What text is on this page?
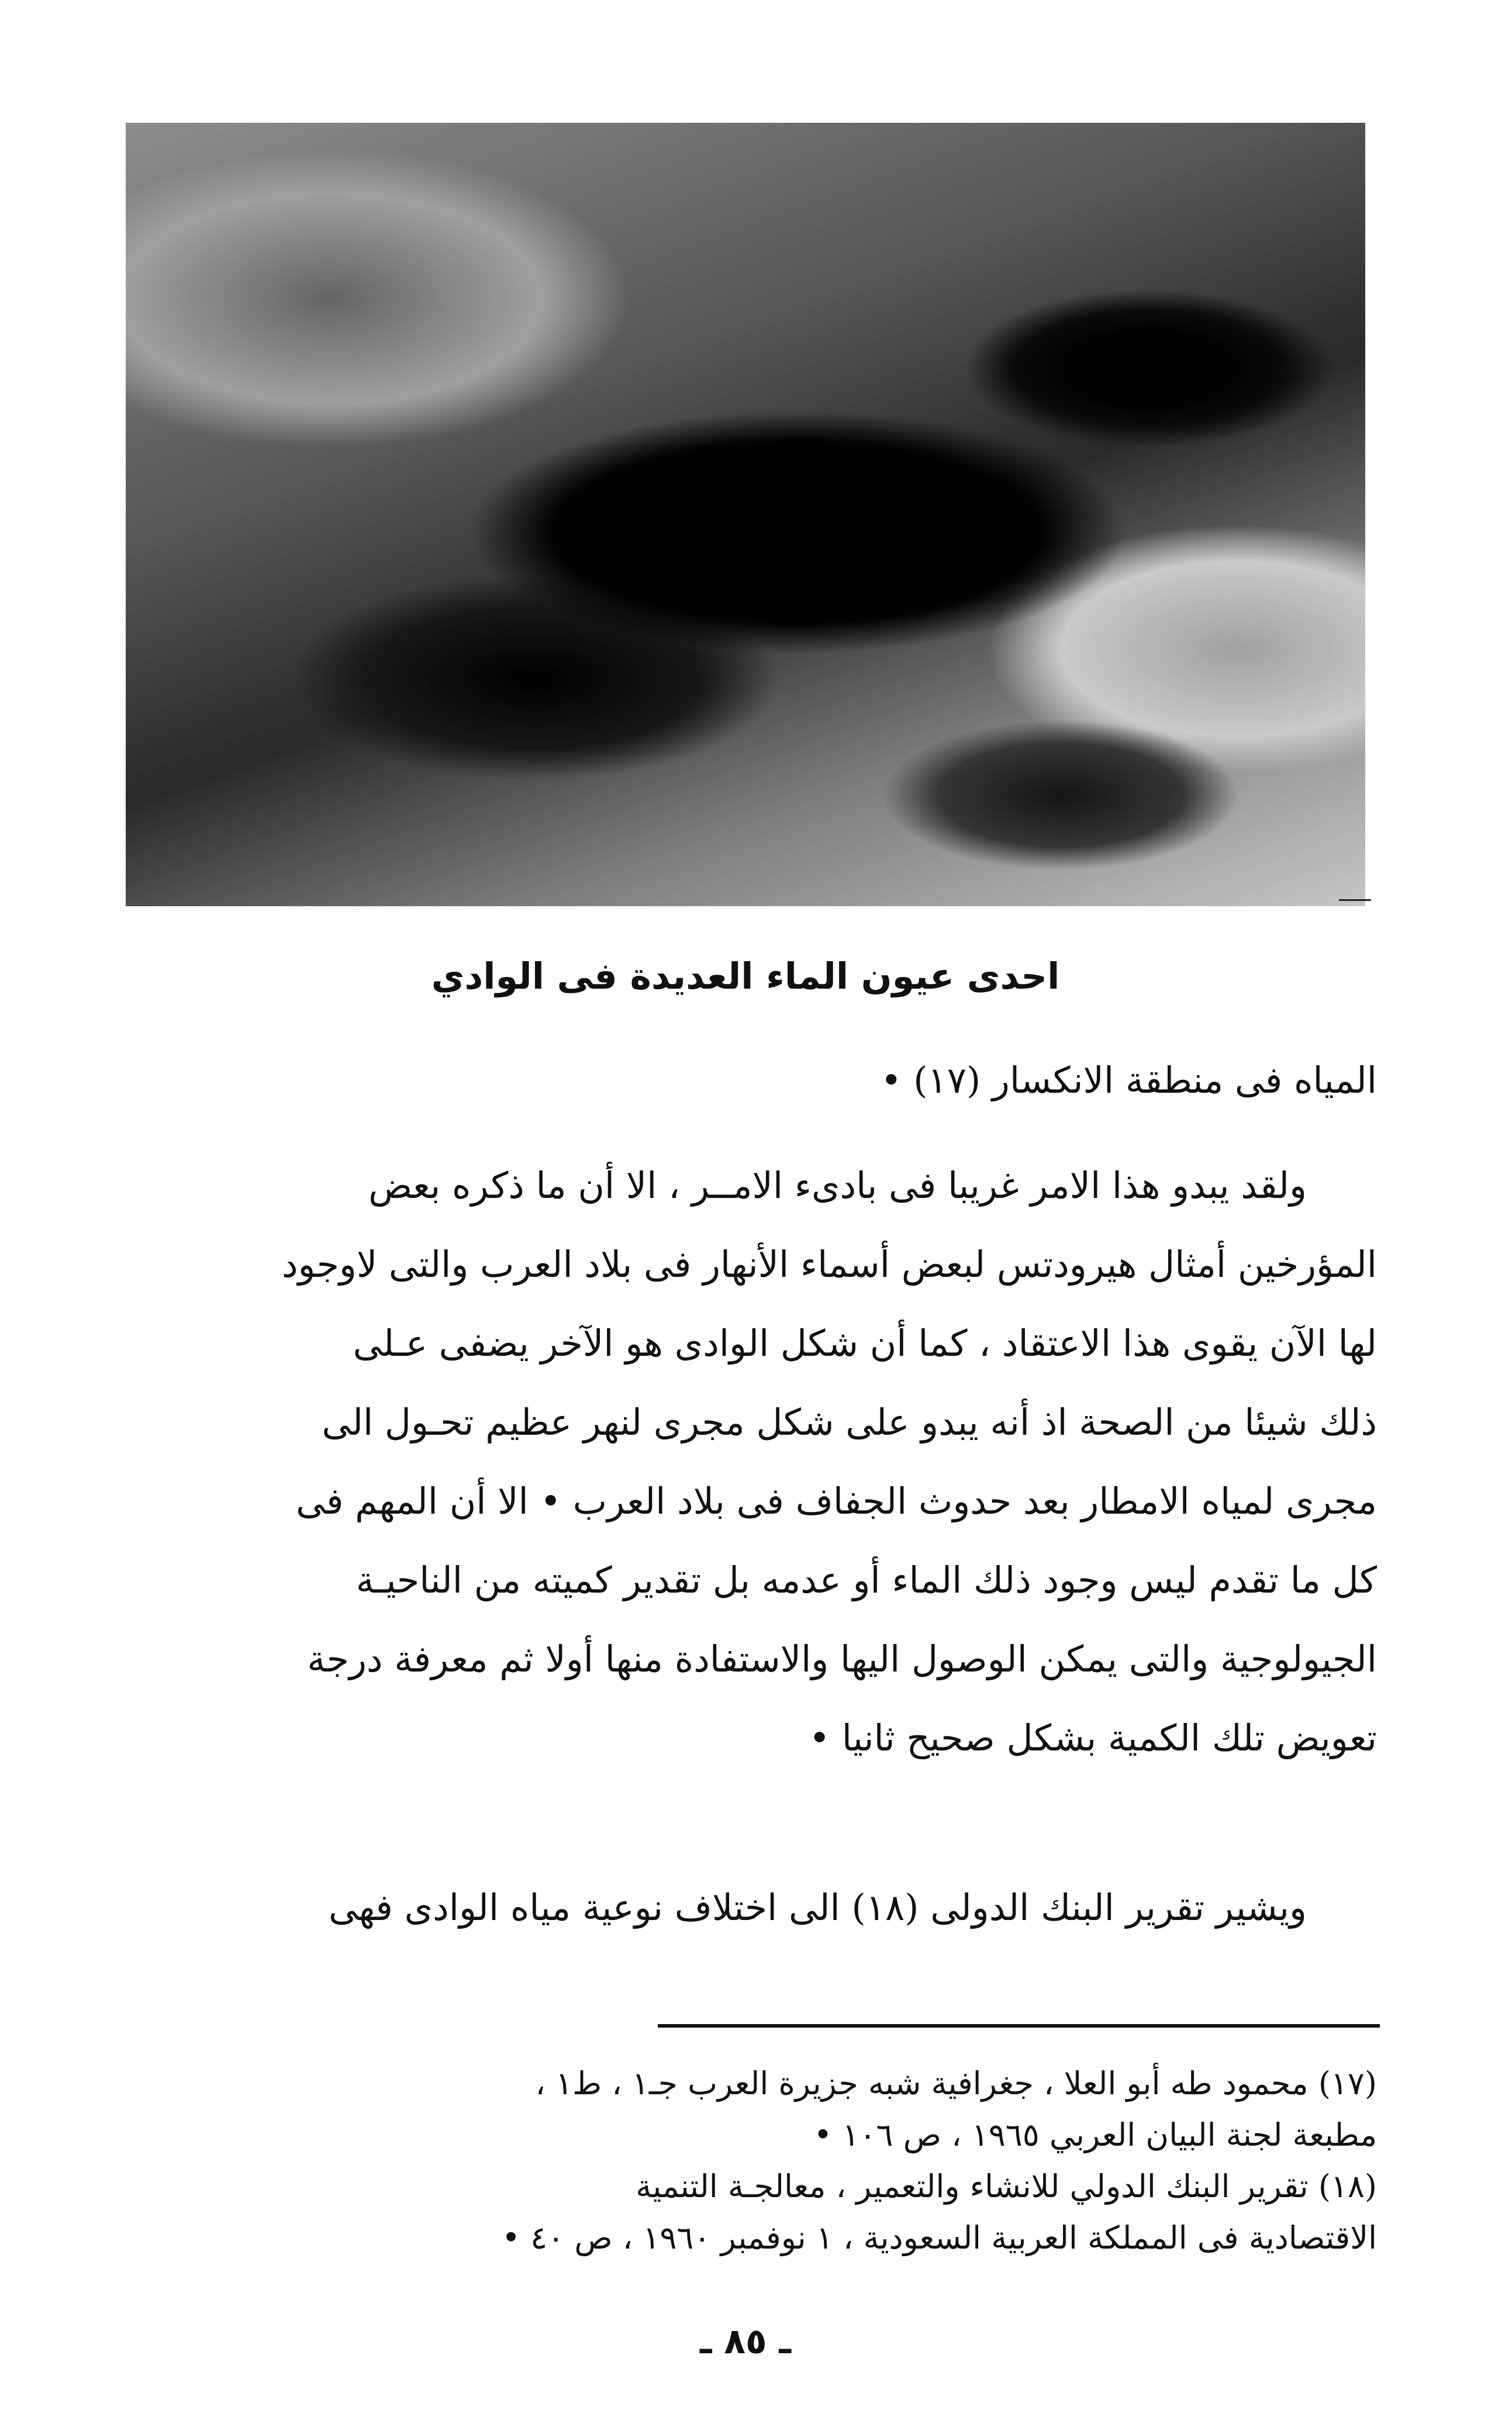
احدى عيون الماء العديدة فى الوادي
المياه فى منطقة الانكسار (١٧) •
ولقد يبدو هذا الامر غريبا فى بادىء الامــر ، الا أن ما ذكره بعض
المؤرخين أمثال هيرودتس لبعض أسماء الأنهار فى بلاد العرب والتى لاوجود
لها الآن يقوى هذا الاعتقاد ، كما أن شكل الوادى هو الآخر يضفى عـلى
ذلك شيئا من الصحة اذ أنه يبدو على شكل مجرى لنهر عظيم تحـول الى
مجرى لمياه الامطار بعد حدوث الجفاف فى بلاد العرب • الا أن المهم فى
كل ما تقدم ليس وجود ذلك الماء أو عدمه بل تقدير كميته من الناحيـة
الجيولوجية والتى يمكن الوصول اليها والاستفادة منها أولا ثم معرفة درجة
تعويض تلك الكمية بشكل صحيح ثانيا •
ويشير تقرير البنك الدولى (١٨) الى اختلاف نوعية مياه الوادى فهى
(١٧) محمود طه أبو العلا ، جغرافية شبه جزيرة العرب جـ١ ، ط١ ،
مطبعة لجنة البيان العربي ١٩٦٥ ، ص ١٠٦ •
(١٨) تقرير البنك الدولي للانشاء والتعمير ، معالجـة التنمية
الاقتصادية فى المملكة العربية السعودية ، ١ نوفمبر ١٩٦٠ ، ص ٤٠ •
ـ ٨٥ ـ
